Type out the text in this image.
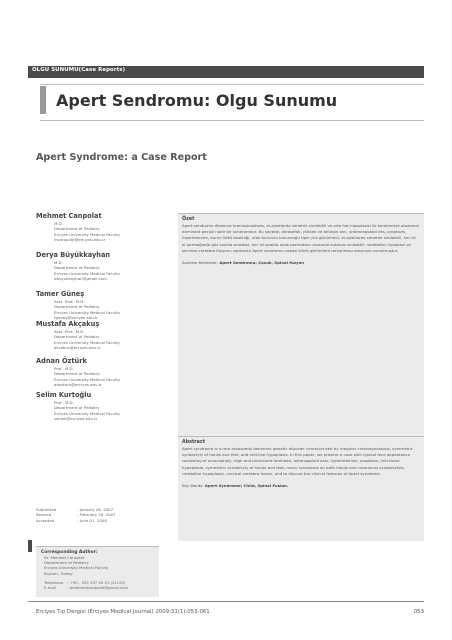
OLGU SUNUMU(Case Reports)
Apert Sendromu: Olgu Sunumu
Apert Syndrome: a Case Report
Mehmet Canpolat
M.D.
Department of Pediatry
Erciyes University Medical Faculty
mcanpolat@erciyes.edu.tr
Derya Büyükkayhan
M.D.
Department of Pediatry
Erciyes University Medical Faculty
dbuyukkayhan@gmail.com
Tamer Güneş
Asst. Prof., M.D.
Department of Pediatry
Erciyes University Medical Faculty
tgunes@erciyes.edu.tr
Mustafa Akçakuş
Asst. Prof., M.D.
Department of Pediatry
Erciyes University Medical Faculty
akcakus@erciyes.edu.tr
Adnan Öztürk
Prof., M.D.
Department of Pediatry
Erciyes University Medical Faculty
adozturk@erciyes.edu.tr
Selim Kurtoğlu
Prof., M.D.
Department of Pediatry
Erciyes University Medical Faculty
selimk@erciyes.edu.tr
Özet
Apert sendromu düzensiz kraniosinostozis, el-ayaklarda simetrik sindaktili ve orta hat hipoplazisi ile karakterize otozomal dominant geçişli nadir bir sendromdur. Bu sayede, akrosefali, yüksek ve belirgin alın, antimongoloid eks, proptozis, hipertelorizm, burun kökü basıklığı, ufak burunun bulunduğu tipik yüz görünümü, el-ayaklarda simetrik sindaktili, her iki el parmağında göz sayıda sinostoz, her iki ayakta ayak parmakları arasında kutanöz sindaktili, serebellar hipoplazi ve servikal vertebra füzyonu saptanan Apert sendromu vakası klinik görünümü tartışılması amacıyla sunulmuştur.
Anahtar Kelimeler: Apert Sendromu; Çocuk, Spinal füzyon
Abstract
Apert syndrome is a rare autosomal dominant genetic disorder characterized by irregular craniosynostosis, symmetric syndactyly of hands and feet, and mid-line hypoplasia. In this paper, we present a case with typical face appearance consisting of acrocephaly, high and prominent forehead, antimogoloid axis, hypertelorism, proptosis, mid-facial hypoplasia, symmetric syndactyly of hands and feet, many synostosis on both hands and cutaneous syndactylies, cerebellar hypoplasia, cervical vertebra fusion, and to discuss the clinical features of Apert syndrome.
Key Words: Apert Syndrome; Child, Spinal Fusion.
Submitted	: January 26, 2007
Revised	: February 26, 2007
Accepted	: June 01, 2008
Corresponding Author:
Dr. Mehmet Canpolat
Department of Pediatry
Erciyes University Medical Faculty
Kayseri, Turkey
Telephone : +90 - 352 437 49 01 (21152)
E-mail	: dmehmetcanpolat@gmail.com
Erciyes Tıp Dergisi (Erciyes Medical Journal) 2009;31(1):053-061	053
